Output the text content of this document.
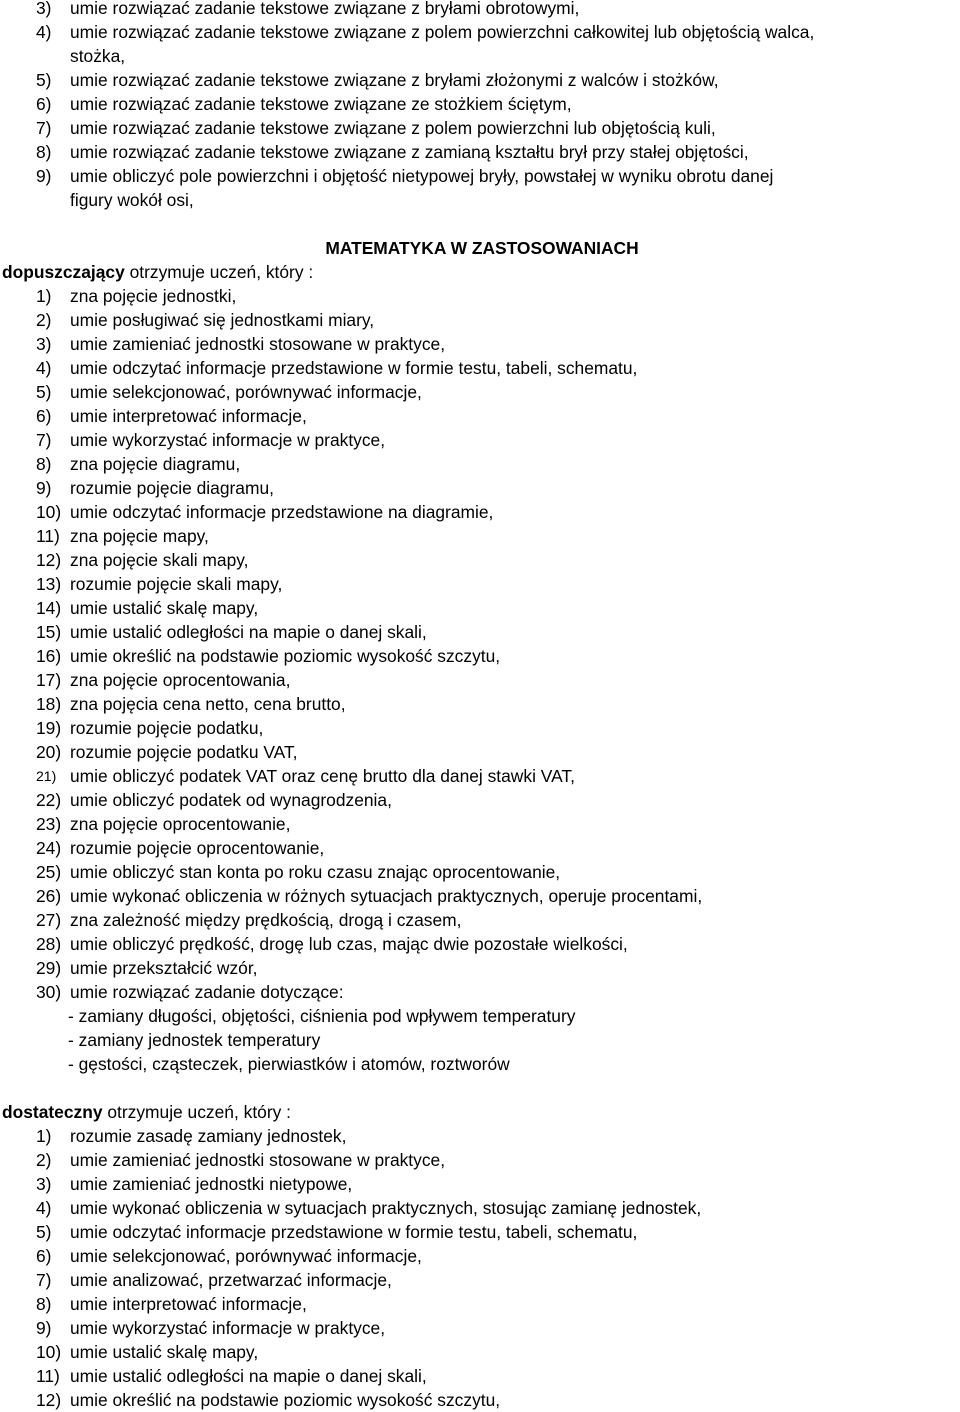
3)	umie rozwiązać zadanie tekstowe związane z bryłami obrotowymi,
4)	umie rozwiązać zadanie tekstowe związane z polem powierzchni całkowitej lub objętością walca,
stożka,
5)	umie rozwiązać zadanie tekstowe związane z bryłami złożonymi z walców i stożków,
6)	umie rozwiązać zadanie tekstowe związane ze stożkiem ściętym,
7)	umie rozwiązać zadanie tekstowe związane z polem powierzchni lub objętością kuli,
8)	umie rozwiązać zadanie tekstowe związane z zamianą kształtu brył przy stałej objętości,
9)	umie obliczyć pole powierzchni i objętość nietypowej bryły, powstałej w wyniku obrotu danej
figury wokół osi,
MATEMATYKA W ZASTOSOWANIACH
dopuszczający otrzymuje uczeń, który :
1)	zna pojęcie jednostki,
2)	umie posługiwać się jednostkami miary,
3)	umie zamieniać jednostki stosowane w praktyce,
4)	umie odczytać informacje przedstawione w formie testu, tabeli, schematu,
5)	umie selekcjonować, porównywać informacje,
6)	umie interpretować informacje,
7)	umie wykorzystać informacje w praktyce,
8)	zna pojęcie diagramu,
9)	rozumie pojęcie diagramu,
10) umie odczytać informacje przedstawione na diagramie,
11) zna pojęcie mapy,
12) zna pojęcie skali mapy,
13) rozumie pojęcie skali mapy,
14) umie ustalić skalę mapy,
15) umie ustalić odległości na mapie o danej skali,
16) umie określić na podstawie poziomic wysokość szczytu,
17) zna pojęcie oprocentowania,
18) zna pojęcia cena netto, cena brutto,
19) rozumie pojęcie podatku,
20) rozumie pojęcie podatku VAT,
21) umie obliczyć podatek VAT oraz cenę brutto dla danej stawki VAT,
22) umie obliczyć podatek od wynagrodzenia,
23) zna pojęcie oprocentowanie,
24) rozumie pojęcie oprocentowanie,
25) umie obliczyć stan konta po roku czasu znając oprocentowanie,
26) umie wykonać obliczenia w różnych sytuacjach praktycznych, operuje procentami,
27) zna zależność między prędkością, drogą i czasem,
28) umie obliczyć prędkość, drogę lub czas, mając dwie pozostałe wielkości,
29) umie przekształcić wzór,
30) umie rozwiązać zadanie dotyczące:
- zamiany długości, objętości, ciśnienia pod wpływem temperatury
- zamiany jednostek temperatury
- gęstości, cząsteczek, pierwiastków i atomów, roztworów
dostateczny otrzymuje uczeń, który :
1)	rozumie zasadę zamiany jednostek,
2)	umie zamieniać jednostki stosowane w praktyce,
3)	umie zamieniać jednostki nietypowe,
4)	umie wykonać obliczenia w sytuacjach praktycznych, stosując zamianę jednostek,
5)	umie odczytać informacje przedstawione w formie testu, tabeli, schematu,
6)	umie selekcjonować, porównywać informacje,
7)	umie analizować, przetwarzać informacje,
8)	umie interpretować informacje,
9)	umie wykorzystać informacje w praktyce,
10) umie ustalić skalę mapy,
11) umie ustalić odległości na mapie o danej skali,
12) umie określić na podstawie poziomic wysokość szczytu,
